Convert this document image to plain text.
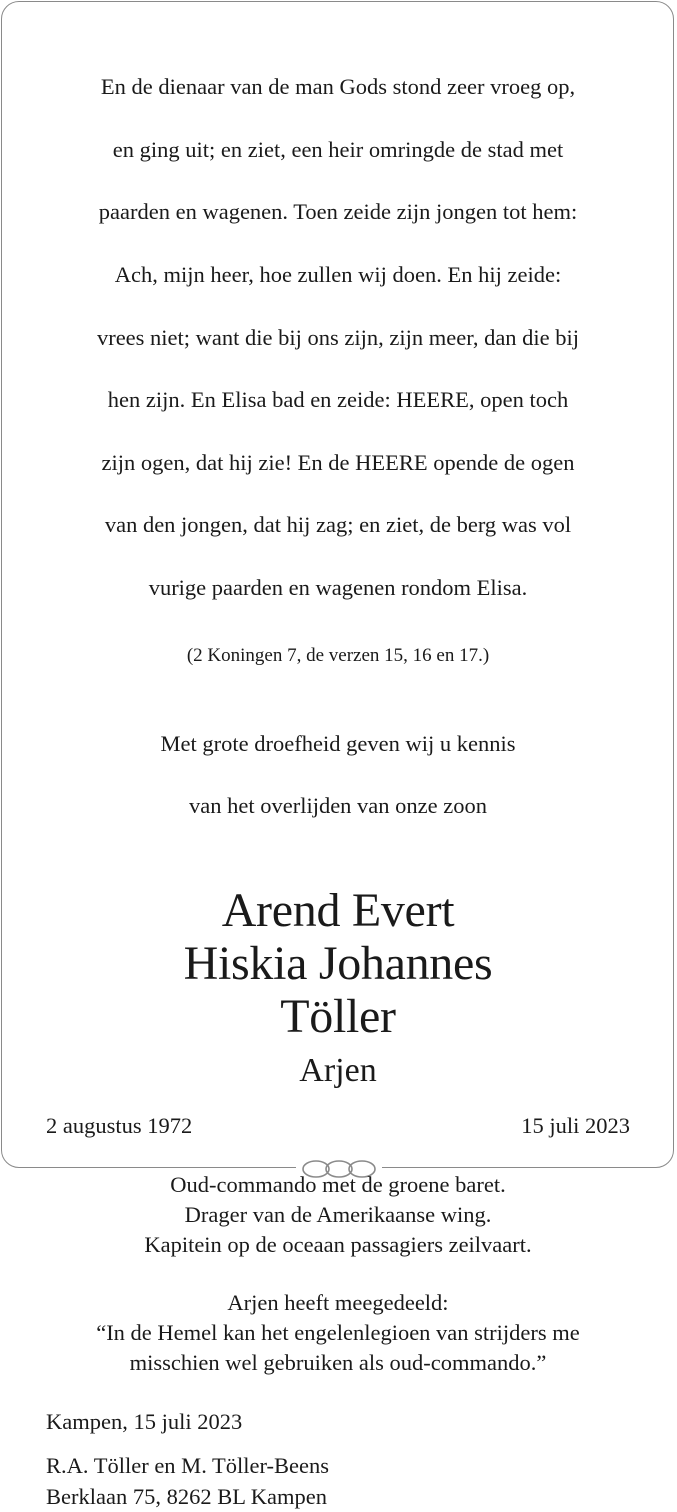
En de dienaar van de man Gods stond zeer vroeg op,

en ging uit; en ziet, een heir omringde de stad met

paarden en wagenen. Toen zeide zijn jongen tot hem:

Ach, mijn heer, hoe zullen wij doen. En hij zeide:

vrees niet; want die bij ons zijn, zijn meer, dan die bij

hen zijn. En Elisa bad en zeide: HEERE, open toch

zijn ogen, dat hij zie! En de HEERE opende de ogen

van den jongen, dat hij zag; en ziet, de berg was vol

vurige paarden en wagenen rondom Elisa.

(2 Koningen 7, de verzen 15, 16 en 17.)

Met grote droefheid geven wij u kennis

van het overlijden van onze zoon

Arend Evert
Hiskia Johannes
Töller
Arjen
2 augustus 1972	15 juli 2023
Oud-commando met de groene baret.
Drager van de Amerikaanse wing.
Kapitein op de oceaan passagiers zeilvaart.
Arjen heeft meegedeeld:
“In de Hemel kan het engelenlegioen van strijders me
misschien wel gebruiken als oud-commando.”
Kampen, 15 juli 2023
R.A. Töller en M. Töller-Beens
Berklaan 75, 8262 BL Kampen
